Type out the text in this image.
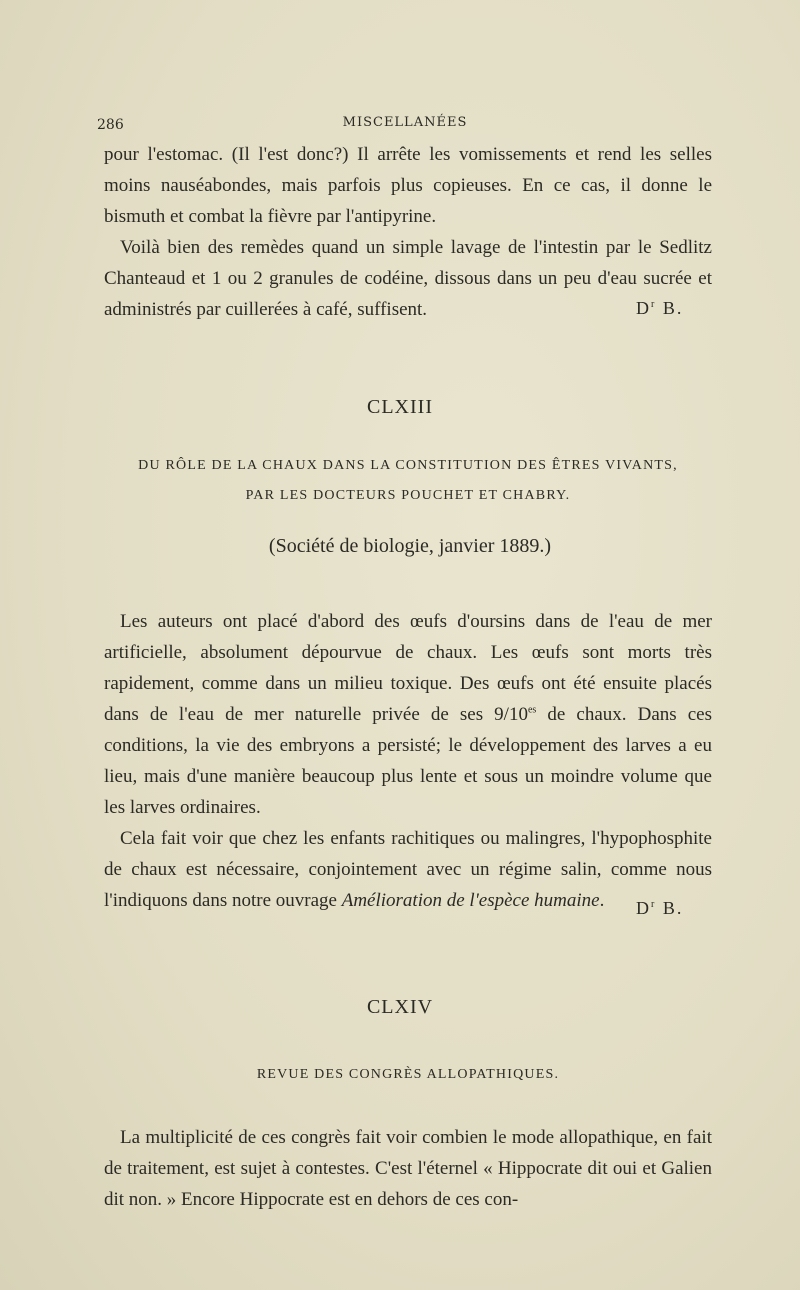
286	MISCELLANÉES

pour l'estomac. (Il l'est donc?) Il arrête les vomissements et rend les selles moins nauséabondes, mais parfois plus copieuses. En ce cas, il donne le bismuth et combat la fièvre par l'antipyrine.

Voilà bien des remèdes quand un simple lavage de l'intestin par le Sedlitz Chanteaud et 1 ou 2 granules de codéine, dissous dans un peu d'eau sucrée et administrés par cuillerées à café, suffisent.	$D^r$ B.
CLXIII
DU RÔLE DE LA CHAUX DANS LA CONSTITUTION DES ÊTRES VIVANTS,
PAR LES DOCTEURS POUCHET ET CHABRY.
(Société de biologie, janvier 1889.)

Les auteurs ont placé d'abord des œufs d'oursins dans de l'eau de mer artificielle, absolument dépourvue de chaux. Les œufs sont morts très rapidement, comme dans un milieu toxique. Des œufs ont été ensuite placés dans de l'eau de mer naturelle privée de ses $9/10^{es}$ de chaux. Dans ces conditions, la vie des embryons a persisté; le développement des larves a eu lieu, mais d'une manière beaucoup plus lente et sous un moindre volume que les larves ordinaires.

Cela fait voir que chez les enfants rachitiques ou malingres, l'hypophosphite de chaux est nécessaire, conjointement avec un régime salin, comme nous l'indiquons dans notre ouvrage Amélioration de l'espèce humaine.	$D^r$ B.
CLXIV
REVUE DES CONGRÈS ALLOPATHIQUES.

La multiplicité de ces congrès fait voir combien le mode allopathique, en fait de traitement, est sujet à contestes. C'est l'éternel « Hippocrate dit oui et Galien dit non. » Encore Hippocrate est en dehors de ces con-
